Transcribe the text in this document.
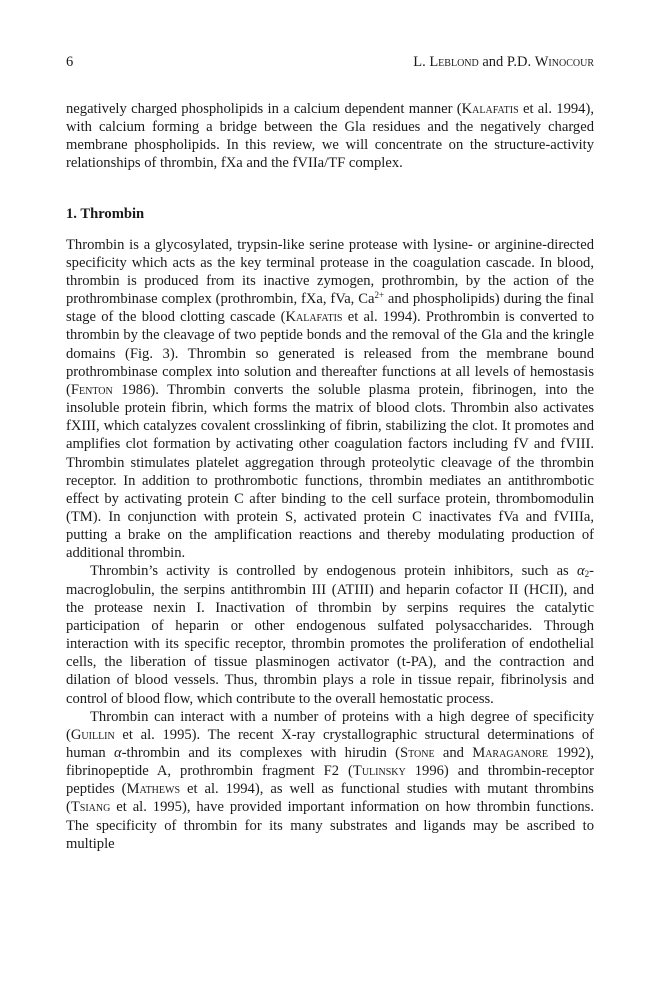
6	L. Leblond and P.D. Winocour

negatively charged phospholipids in a calcium dependent manner (Kalafatis et al. 1994), with calcium forming a bridge between the Gla residues and the negatively charged membrane phospholipids. In this review, we will concentrate on the structure-activity relationships of thrombin, fXa and the fVIIa/TF complex.

1. Thrombin

Thrombin is a glycosylated, trypsin-like serine protease with lysine- or arginine-directed specificity which acts as the key terminal protease in the coagulation cascade. In blood, thrombin is produced from its inactive zymogen, prothrombin, by the action of the prothrombinase complex (prothrombin, fXa, fVa, $Ca^{2+}$ and phospholipids) during the final stage of the blood clotting cascade (Kalafatis et al. 1994). Prothrombin is converted to thrombin by the cleavage of two peptide bonds and the removal of the Gla and the kringle domains (Fig. 3). Thrombin so generated is released from the membrane bound prothrombinase complex into solution and thereafter functions at all levels of hemostasis (Fenton 1986). Thrombin converts the soluble plasma protein, fibrinogen, into the insoluble protein fibrin, which forms the matrix of blood clots. Thrombin also activates fXIII, which catalyzes covalent crosslinking of fibrin, stabilizing the clot. It promotes and amplifies clot formation by activating other coagulation factors including fV and fVIII. Thrombin stimulates platelet aggregation through proteolytic cleavage of the thrombin receptor. In addition to prothrombotic functions, thrombin mediates an antithrombotic effect by activating protein C after binding to the cell surface protein, thrombomodulin (TM). In conjunction with protein S, activated protein C inactivates fVa and fVIIIa, putting a brake on the amplification reactions and thereby modulating production of additional thrombin.

Thrombin’s activity is controlled by endogenous protein inhibitors, such as $\alpha_2$-macroglobulin, the serpins antithrombin III (ATIII) and heparin cofactor II (HCII), and the protease nexin I. Inactivation of thrombin by serpins requires the catalytic participation of heparin or other endogenous sulfated polysaccharides. Through interaction with its specific receptor, thrombin promotes the proliferation of endothelial cells, the liberation of tissue plasminogen activator (t-PA), and the contraction and dilation of blood vessels. Thus, thrombin plays a role in tissue repair, fibrinolysis and control of blood flow, which contribute to the overall hemostatic process.

Thrombin can interact with a number of proteins with a high degree of specificity (Guillin et al. 1995). The recent X-ray crystallographic structural determinations of human α-thrombin and its complexes with hirudin (Stone and Maraganore 1992), fibrinopeptide A, prothrombin fragment F2 (Tulinsky 1996) and thrombin-receptor peptides (Mathews et al. 1994), as well as functional studies with mutant thrombins (Tsiang et al. 1995), have provided important information on how thrombin functions. The specificity of thrombin for its many substrates and ligands may be ascribed to multiple
